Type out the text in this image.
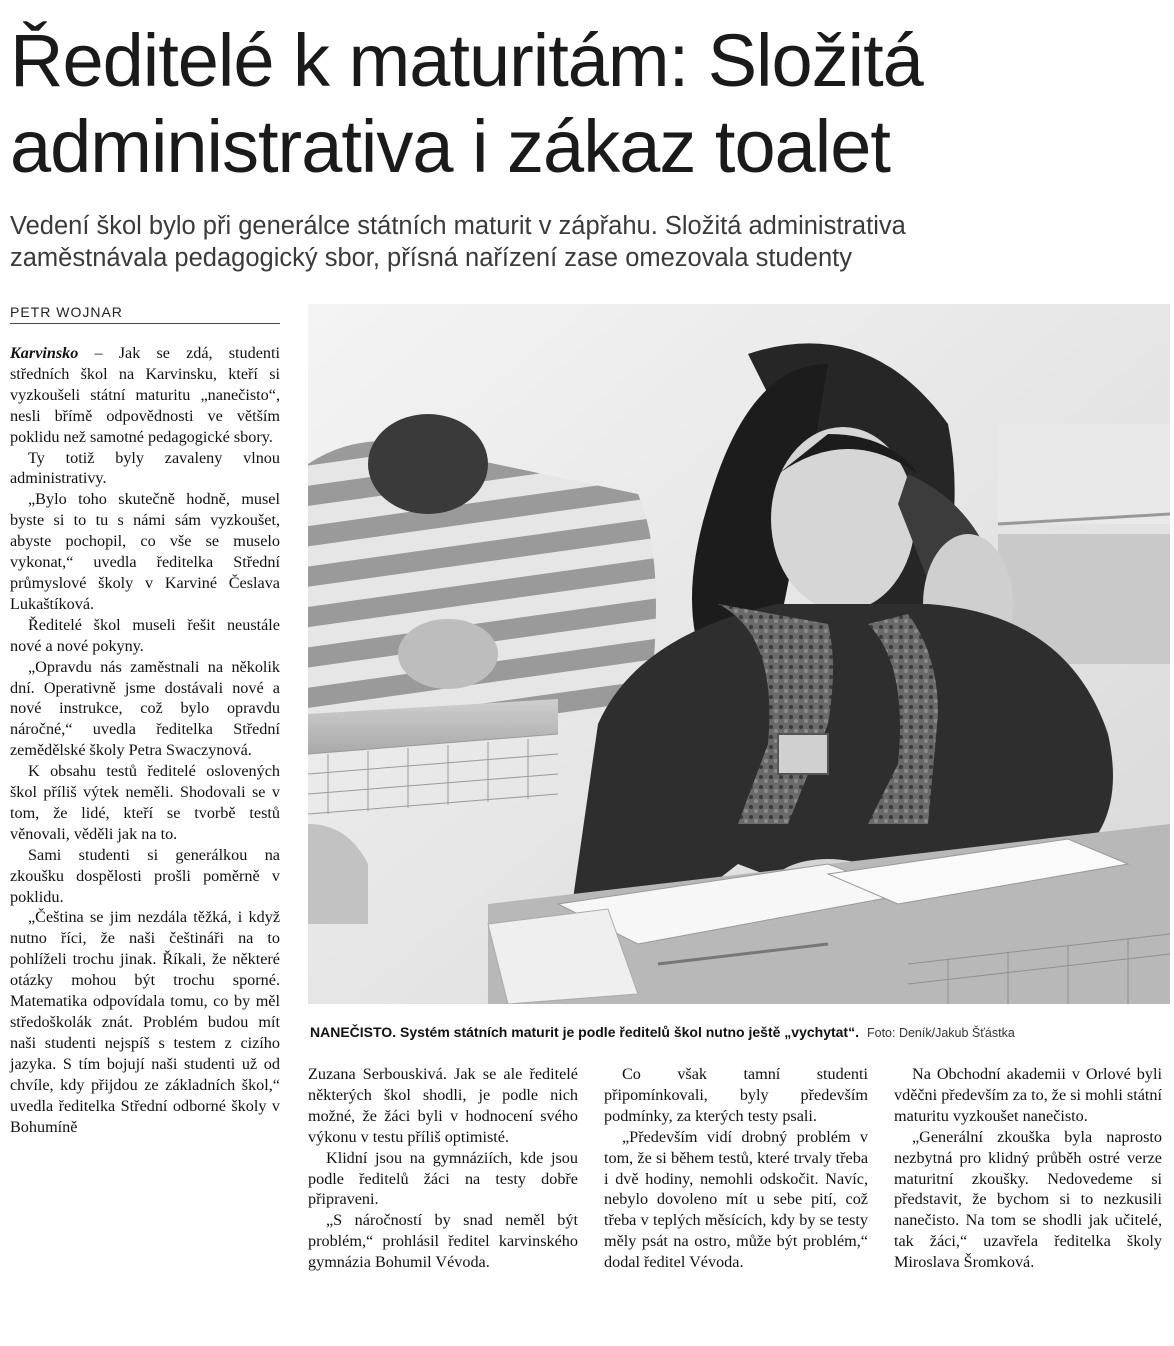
Ředitelé k maturitám: Složitá
administrativa i zákaz toalet
Vedení škol bylo při generálce státních maturit v zápřahu. Složitá administrativa
zaměstnávala pedagogický sbor, přísná nařízení zase omezovala studenty
PETR WOJNAR

Karvinsko – Jak se zdá, studenti středních škol na Karvinsku, kteří si vyzkoušeli státní maturitu „nanečisto“, nesli břímě odpovědnosti ve větším poklidu než samotné pedagogické sbory.

Ty totiž byly zavaleny vlnou administrativy.

„Bylo toho skutečně hodně, musel byste si to tu s námi sám vyzkoušet, abyste pochopil, co vše se muselo vykonat,“ uvedla ředitelka Střední průmyslové školy v Karviné Česlava Lukaštíková.

Ředitelé škol museli řešit neustále nové a nové pokyny.

„Opravdu nás zaměstnali na několik dní. Operativně jsme dostávali nové a nové instrukce, což bylo opravdu náročné,“ uvedla ředitelka Střední zemědělské školy Petra Swaczynová.

K obsahu testů ředitelé oslovených škol příliš výtek neměli. Shodovali se v tom, že lidé, kteří se tvorbě testů věnovali, věděli jak na to.

Sami studenti si generálkou na zkoušku dospělosti prošli poměrně v poklidu.

„Čeština se jim nezdála těžká, i když nutno říci, že naši češtináři na to pohlíželi trochu jinak. Říkali, že některé otázky mohou být trochu sporné. Matematika odpovídala tomu, co by měl středoškolák znát. Problém budou mít naši studenti nejspíš s testem z cizího jazyka. S tím bojují naši studenti už od chvíle, kdy přijdou ze základních škol,“ uvedla ředitelka Střední odborné školy v Bohumíně

NANEČISTO. Systém státních maturit je podle ředitelů škol nutno ještě „vychytat“. Foto: Deník/Jakub Šťástka

Zuzana Serbouskivá. Jak se ale ředitelé některých škol shodli, je podle nich možné, že žáci byli v hodnocení svého výkonu v testu příliš optimisté.

Klidní jsou na gymnáziích, kde jsou podle ředitelů žáci na testy dobře připraveni.

„S náročností by snad neměl být problém,“ prohlásil ředitel karvinského gymnázia Bohumil Vévoda.

Co však tamní studenti připomínkovali, byly především podmínky, za kterých testy psali.

„Především vidí drobný problém v tom, že si během testů, které trvaly třeba i dvě hodiny, nemohli odskočit. Navíc, nebylo dovoleno mít u sebe pití, což třeba v teplých měsících, kdy by se testy měly psát na ostro, může být problém,“ dodal ředitel Vévoda.

Na Obchodní akademii v Orlové byli vděčni především za to, že si mohli státní maturitu vyzkoušet nanečisto.

„Generální zkouška byla naprosto nezbytná pro klidný průběh ostré verze maturitní zkoušky. Nedovedeme si představit, že bychom si to nezkusili nanečisto. Na tom se shodli jak učitelé, tak žáci,“ uzavřela ředitelka školy Miroslava Šromková.
